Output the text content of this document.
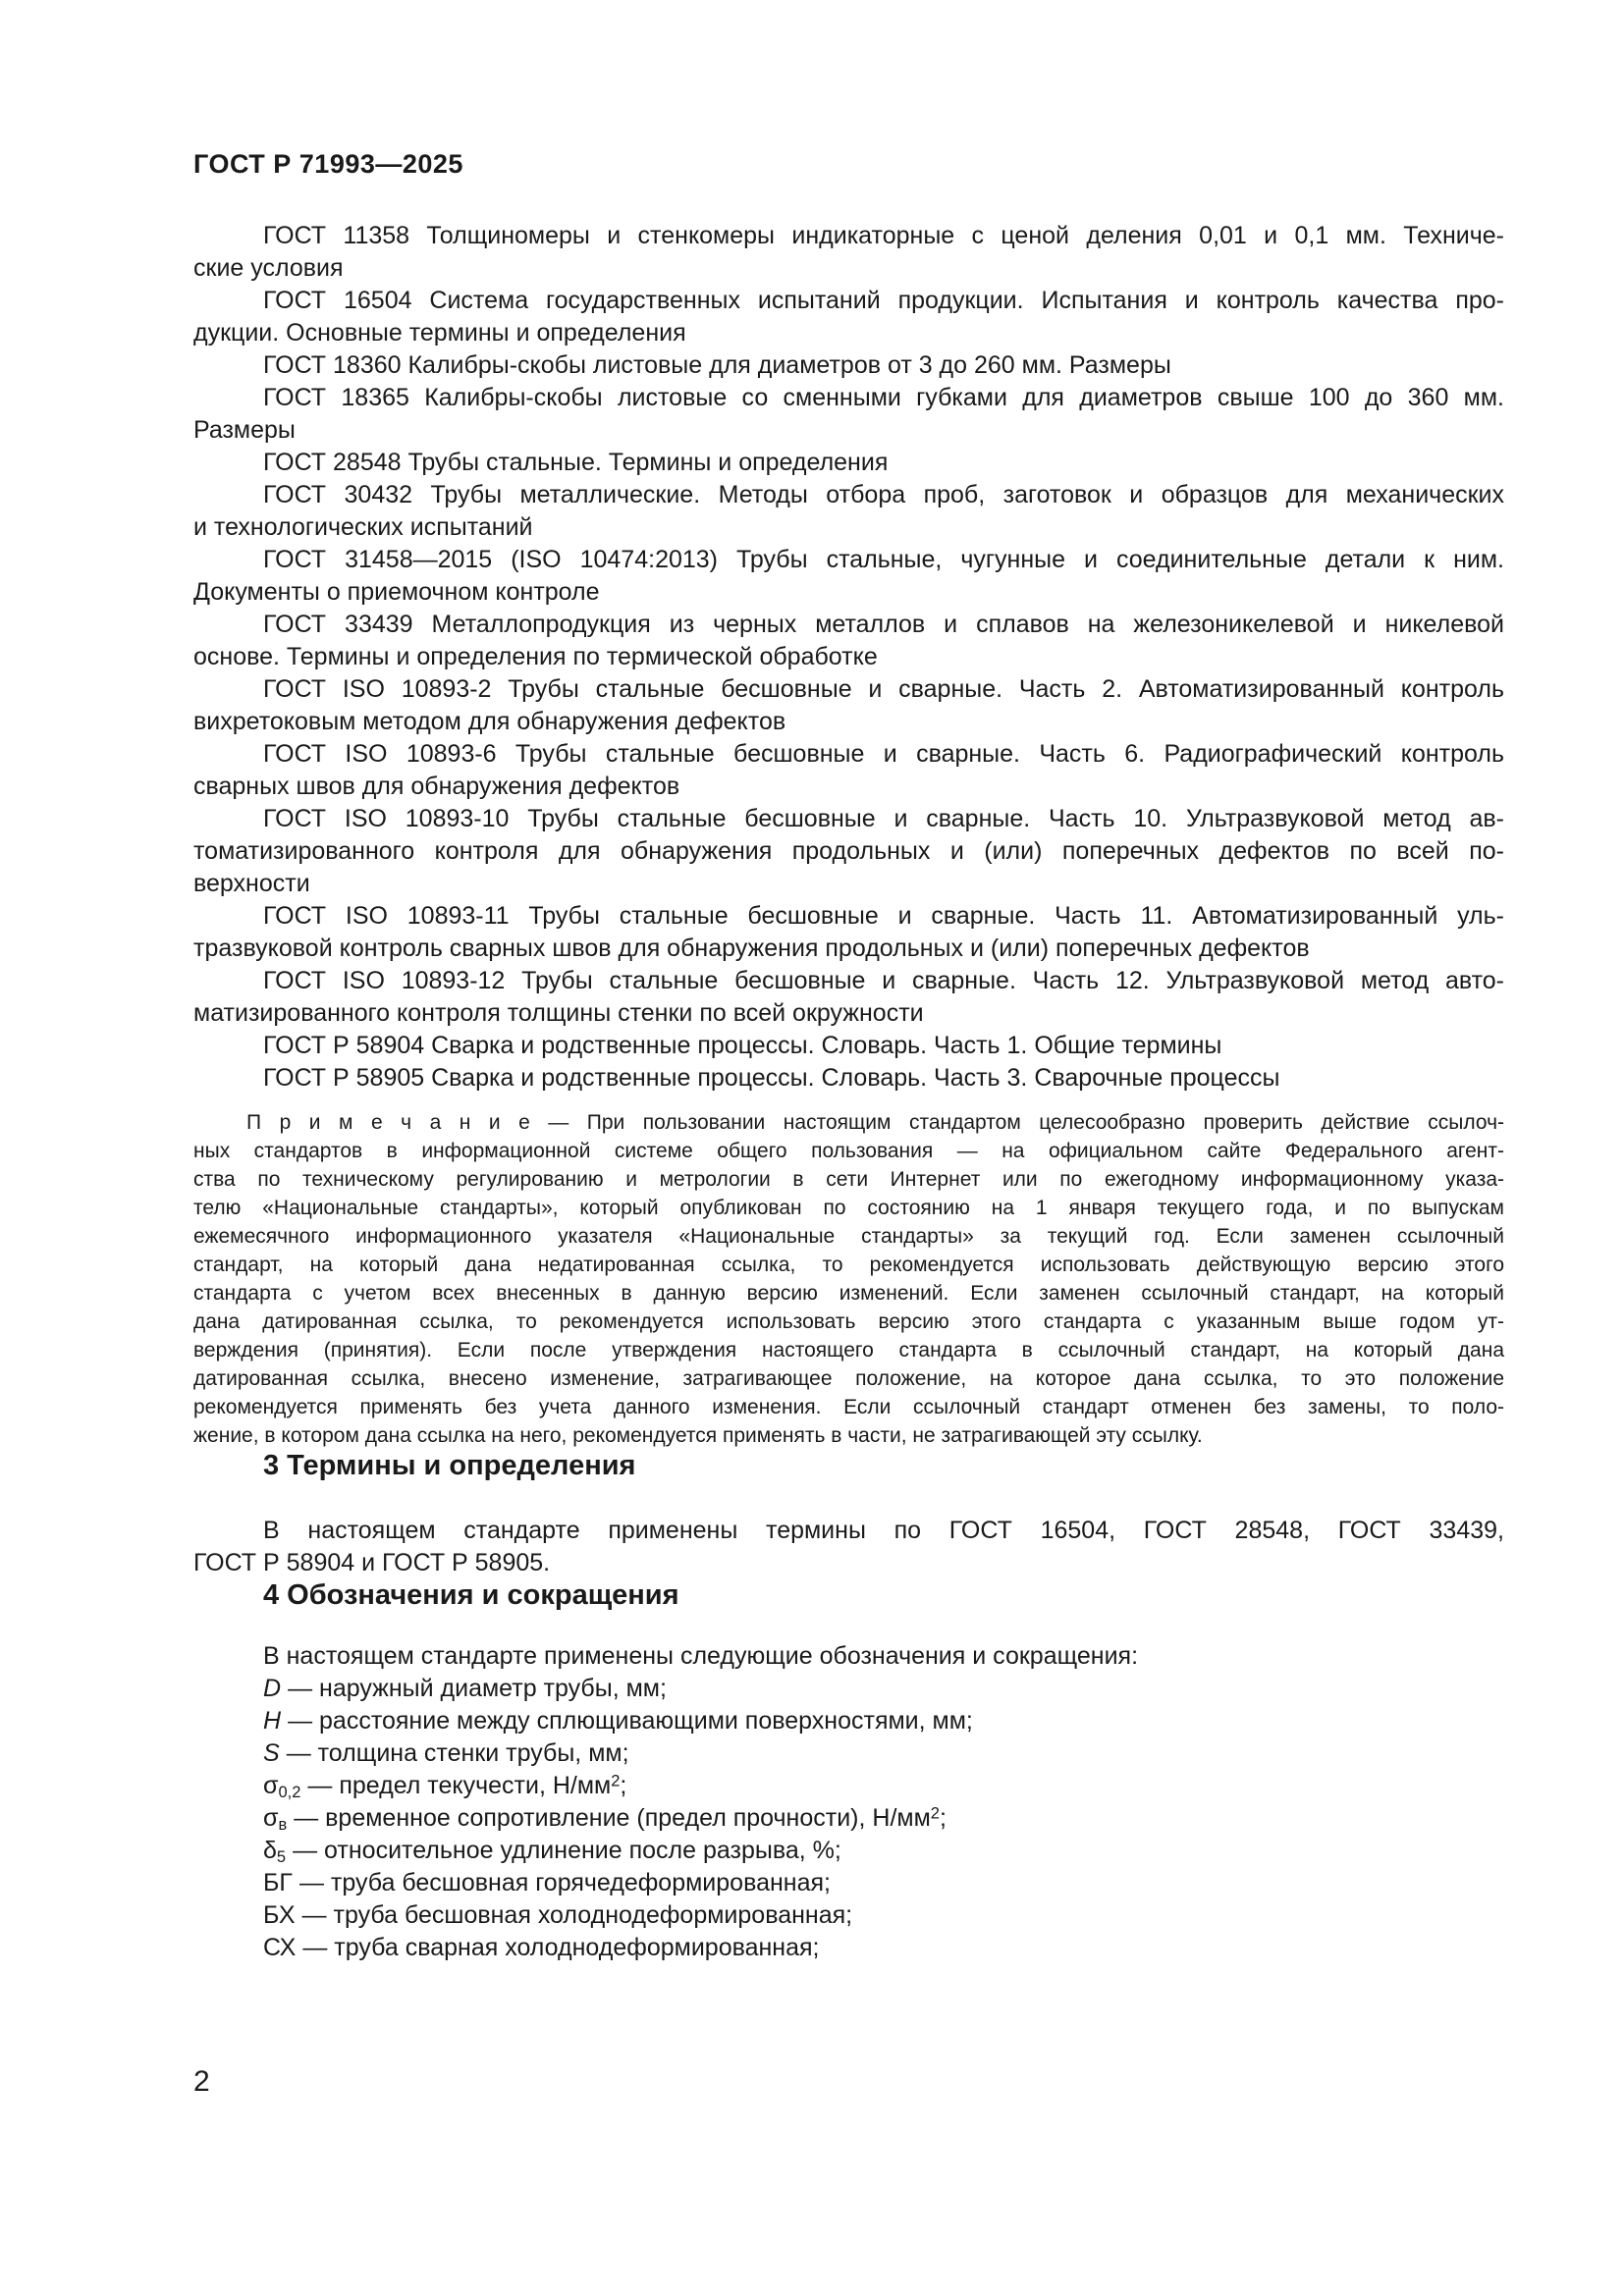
ГОСТ Р 71993—2025
ГОСТ 11358 Толщиномеры и стенкомеры индикаторные с ценой деления 0,01 и 0,1 мм. Техниче-
ские условия
ГОСТ 16504 Система государственных испытаний продукции. Испытания и контроль качества про-
дукции. Основные термины и определения
ГОСТ 18360 Калибры-скобы листовые для диаметров от 3 до 260 мм. Размеры
ГОСТ 18365 Калибры-скобы листовые со сменными губками для диаметров свыше 100 до 360 мм.
Размеры
ГОСТ 28548 Трубы стальные. Термины и определения
ГОСТ 30432 Трубы металлические. Методы отбора проб, заготовок и образцов для механических
и технологических испытаний
ГОСТ 31458—2015 (ISO 10474:2013) Трубы стальные, чугунные и соединительные детали к ним.
Документы о приемочном контроле
ГОСТ 33439 Металлопродукция из черных металлов и сплавов на железоникелевой и никелевой
основе. Термины и определения по термической обработке
ГОСТ ISO 10893-2 Трубы стальные бесшовные и сварные. Часть 2. Автоматизированный контроль
вихретоковым методом для обнаружения дефектов
ГОСТ ISO 10893-6 Трубы стальные бесшовные и сварные. Часть 6. Радиографический контроль
сварных швов для обнаружения дефектов
ГОСТ ISO 10893-10 Трубы стальные бесшовные и сварные. Часть 10. Ультразвуковой метод ав-
томатизированного контроля для обнаружения продольных и (или) поперечных дефектов по всей по-
верхности
ГОСТ ISO 10893-11 Трубы стальные бесшовные и сварные. Часть 11. Автоматизированный уль-
тразвуковой контроль сварных швов для обнаружения продольных и (или) поперечных дефектов
ГОСТ ISO 10893-12 Трубы стальные бесшовные и сварные. Часть 12. Ультразвуковой метод авто-
матизированного контроля толщины стенки по всей окружности
ГОСТ Р 58904 Сварка и родственные процессы. Словарь. Часть 1. Общие термины
ГОСТ Р 58905 Сварка и родственные процессы. Словарь. Часть 3. Сварочные процессы
П р и м е ч а н и е — При пользовании настоящим стандартом целесообразно проверить действие ссылоч-
ных стандартов в информационной системе общего пользования — на официальном сайте Федерального агент-
ства по техническому регулированию и метрологии в сети Интернет или по ежегодному информационному указа-
телю «Национальные стандарты», который опубликован по состоянию на 1 января текущего года, и по выпускам
ежемесячного информационного указателя «Национальные стандарты» за текущий год. Если заменен ссылочный
стандарт, на который дана недатированная ссылка, то рекомендуется использовать действующую версию этого
стандарта с учетом всех внесенных в данную версию изменений. Если заменен ссылочный стандарт, на который
дана датированная ссылка, то рекомендуется использовать версию этого стандарта с указанным выше годом ут-
верждения (принятия). Если после утверждения настоящего стандарта в ссылочный стандарт, на который дана
датированная ссылка, внесено изменение, затрагивающее положение, на которое дана ссылка, то это положение
рекомендуется применять без учета данного изменения. Если ссылочный стандарт отменен без замены, то поло-
жение, в котором дана ссылка на него, рекомендуется применять в части, не затрагивающей эту ссылку.
3 Термины и определения
В настоящем стандарте применены термины по ГОСТ 16504, ГОСТ 28548, ГОСТ 33439,
ГОСТ Р 58904 и ГОСТ Р 58905.
4 Обозначения и сокращения
В настоящем стандарте применены следующие обозначения и сокращения:
D — наружный диаметр трубы, мм;
H — расстояние между сплющивающими поверхностями, мм;
S — толщина стенки трубы, мм;
$\sigma_{0,2}$ — предел текучести, $Н/мм^2$;
$\sigma_в$ — временное сопротивление (предел прочности), $Н/мм^2$;
$\delta_5$ — относительное удлинение после разрыва, %;
БГ — труба бесшовная горячедеформированная;
БХ — труба бесшовная холоднодеформированная;
СХ — труба сварная холоднодеформированная;
2
